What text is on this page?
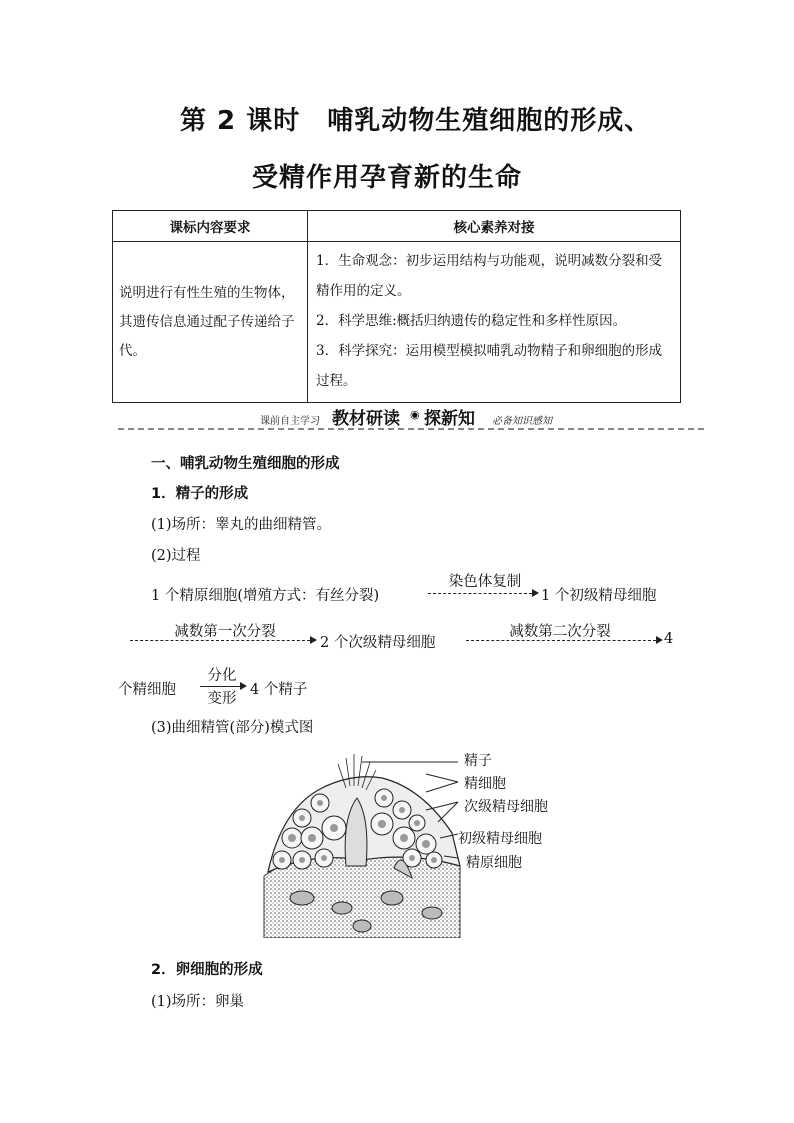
第 2 课时　哺乳动物生殖细胞的形成、
受精作用孕育新的生命
课标内容要求	核心素养对接
说明进行有性生殖的生物体，其遗传信息通过配子传递给子代。	1．生命观念：初步运用结构与功能观，说明减数分裂和受精作用的定义。
2．科学思维:概括归纳遗传的稳定性和多样性原因。
3．科学探究：运用模型模拟哺乳动物精子和卵细胞的形成过程。
课前自主学习 教材研读 ◉ 探新知 必备知识感知
一、哺乳动物生殖细胞的形成
1．精子的形成
(1)场所：睾丸的曲细精管。
(2)过程
1 个精原细胞(增殖方式：有丝分裂)
染色体复制
1 个初级精母细胞
减数第一次分裂
2 个次级精母细胞
减数第二次分裂	4
个精细胞
分化
变形
4 个精子
(3)曲细精管(部分)模式图
精子
精细胞
次级精母细胞
初级精母细胞
精原细胞
2．卵细胞的形成
(1)场所：卵巢
